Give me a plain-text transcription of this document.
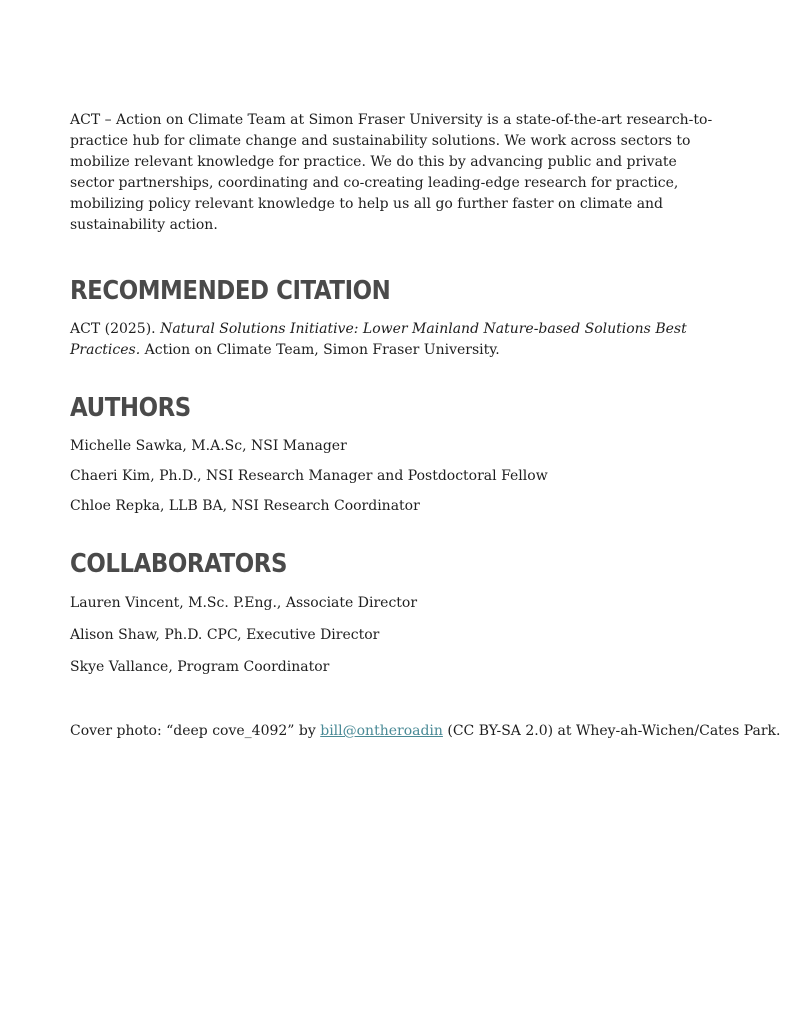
ACT – Action on Climate Team at Simon Fraser University is a state-of-the-art research-to-practice hub for climate change and sustainability solutions. We work across sectors to mobilize relevant knowledge for practice. We do this by advancing public and private sector partnerships, coordinating and co-creating leading-edge research for practice, mobilizing policy relevant knowledge to help us all go further faster on climate and sustainability action.

RECOMMENDED CITATION

ACT (2025). Natural Solutions Initiative: Lower Mainland Nature-based Solutions Best Practices. Action on Climate Team, Simon Fraser University.

AUTHORS

Michelle Sawka, M.A.Sc, NSI Manager

Chaeri Kim, Ph.D., NSI Research Manager and Postdoctoral Fellow

Chloe Repka, LLB BA, NSI Research Coordinator

COLLABORATORS

Lauren Vincent, M.Sc. P.Eng., Associate Director

Alison Shaw, Ph.D. CPC, Executive Director

Skye Vallance, Program Coordinator

Cover photo: “deep cove_4092” by bill@ontheroadin (CC BY-SA 2.0) at Whey-ah-Wichen/Cates Park.
